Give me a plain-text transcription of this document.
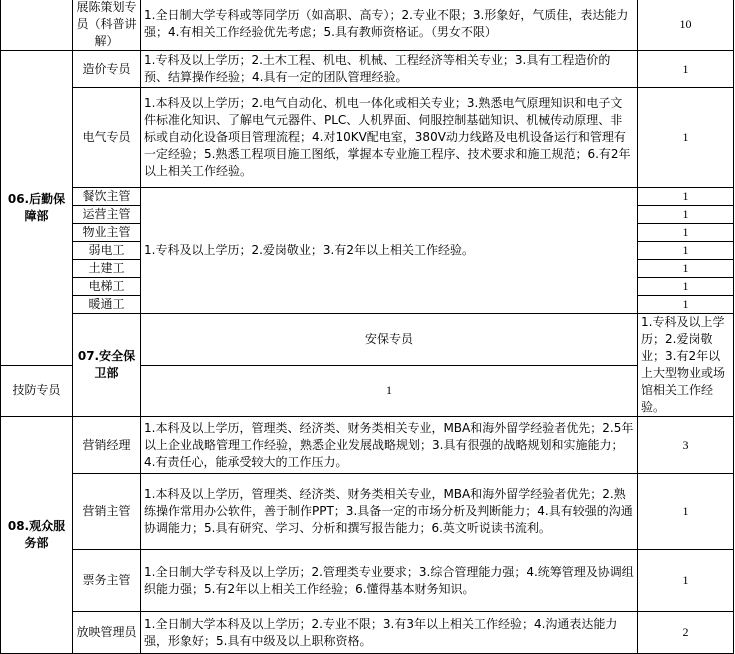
	展陈策划专员（科普讲解）	1.全日制大学专科或等同学历（如高职、高专）；2.专业不限；3.形象好，气质佳，表达能力强；4.有相关工作经验优先考虑；5.具有教师资格证。（男女不限）	10	
06.后勤保障部	造价专员	1.专科及以上学历；2.土木工程、机电、机械、工程经济等相关专业；3.具有工程造价的预、结算操作经验；4.具有一定的团队管理经验。	1	
	电气专员	1.本科及以上学历；2.电气自动化、机电一体化或相关专业；3.熟悉电气原理知识和电子文件标准化知识、了解电气元器件、PLC、人机界面、伺服控制基础知识、机械传动原理、非标或自动化设备项目管理流程；4.对10KV配电室，380V动力线路及电机设备运行和管理有一定经验；5.熟悉工程项目施工图纸，掌握本专业施工程序、技术要求和施工规范；6.有2年以上相关工作经验。	1	
	餐饮主管	1.专科及以上学历；2.爱岗敬业；3.有2年以上相关工作经验。	1	
	运营主管		1	
	物业主管		1	
	弱电工		1	
	土建工		1	
	电梯工		1	
	暖通工		1	
	07.安全保卫部	安保专员	1.专科及以上学历；2.爱岗敬业；3.有2年以上大型物业或场馆相关工作经验。	
技防专员		1		
08.观众服务部	营销经理	1.本科及以上学历，管理类、经济类、财务类相关专业，MBA和海外留学经验者优先；2.5年以上企业战略管理工作经验，熟悉企业发展战略规划；3.具有很强的战略规划和实施能力；4.有责任心，能承受较大的工作压力。	3	
	营销主管	1.本科及以上学历，管理类、经济类、财务类相关专业，MBA和海外留学经验者优先；2.熟练操作常用办公软件，善于制作PPT；3.具备一定的市场分析及判断能力；4.具有较强的沟通协调能力；5.具有研究、学习、分析和撰写报告能力；6.英文听说读书流利。	1	
	票务主管	1.全日制大学专科及以上学历；2.管理类专业要求；3.综合管理能力强；4.统筹管理及协调组织能力强；5.有2年以上相关工作经验；6.懂得基本财务知识。	1	
	放映管理员	1.全日制大学本科及以上学历；2.专业不限；3.有3年以上相关工作经验；4.沟通表达能力强，形象好；5.具有中级及以上职称资格。	2	
